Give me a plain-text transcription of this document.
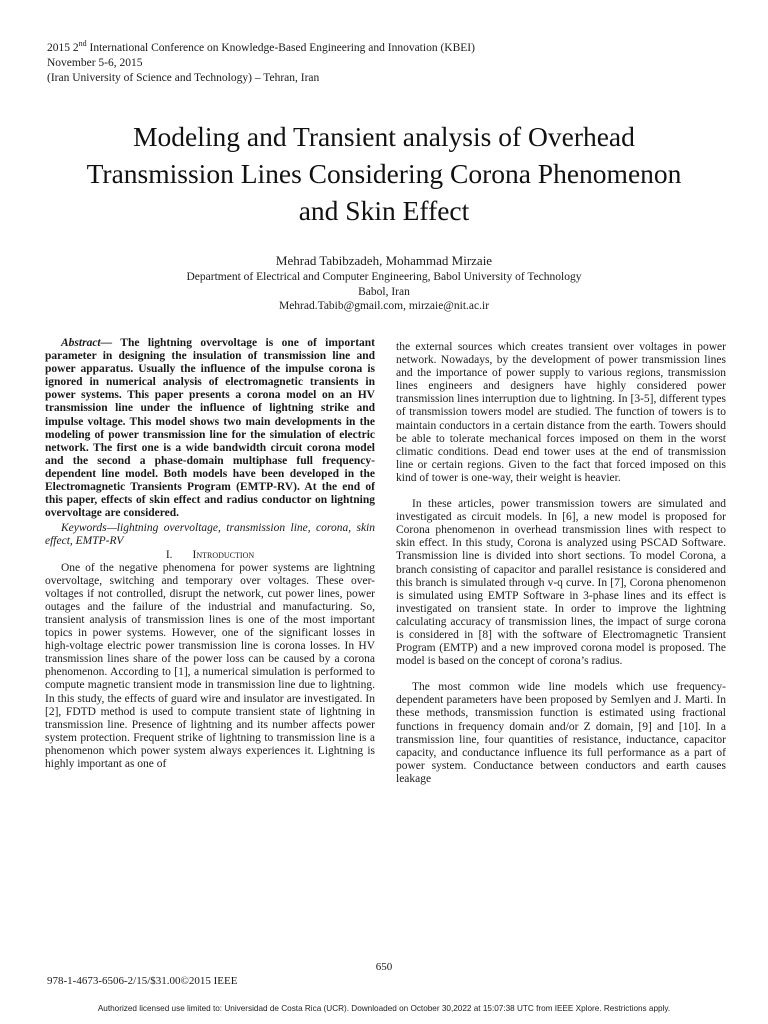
2015 2nd International Conference on Knowledge-Based Engineering and Innovation (KBEI)
November 5-6, 2015
(Iran University of Science and Technology) – Tehran, Iran
Modeling and Transient analysis of Overhead
Transmission Lines Considering Corona Phenomenon
and Skin Effect
Mehrad Tabibzadeh, Mohammad Mirzaie
Department of Electrical and Computer Engineering, Babol University of Technology
Babol, Iran
Mehrad.Tabib@gmail.com, mirzaie@nit.ac.ir

Abstract— The lightning overvoltage is one of important parameter in designing the insulation of transmission line and power apparatus. Usually the influence of the impulse corona is ignored in numerical analysis of electromagnetic transients in power systems. This paper presents a corona model on an HV transmission line under the influence of lightning strike and impulse voltage. This model shows two main developments in the modeling of power transmission line for the simulation of electric network. The first one is a wide bandwidth circuit corona model and the second a phase-domain multiphase full frequency-dependent line model. Both models have been developed in the Electromagnetic Transients Program (EMTP-RV). At the end of this paper, effects of skin effect and radius conductor on lightning overvoltage are considered.

Keywords—lightning overvoltage, transmission line, corona, skin effect, EMTP-RV

I. Introduction

One of the negative phenomena for power systems are lightning overvoltage, switching and temporary over voltages. These over-voltages if not controlled, disrupt the network, cut power lines, power outages and the failure of the industrial and manufacturing. So, transient analysis of transmission lines is one of the most important topics in power systems. However, one of the significant losses in high-voltage electric power transmission line is corona losses. In HV transmission lines share of the power loss can be caused by a corona phenomenon. According to [1], a numerical simulation is performed to compute magnetic transient mode in transmission line due to lightning. In this study, the effects of guard wire and insulator are investigated. In [2], FDTD method is used to compute transient state of lightning in transmission line. Presence of lightning and its number affects power system protection. Frequent strike of lightning to transmission line is a phenomenon which power system always experiences it. Lightning is highly important as one of

the external sources which creates transient over voltages in power network. Nowadays, by the development of power transmission lines and the importance of power supply to various regions, transmission lines engineers and designers have highly considered power transmission lines interruption due to lightning. In [3-5], different types of transmission towers model are studied. The function of towers is to maintain conductors in a certain distance from the earth. Towers should be able to tolerate mechanical forces imposed on them in the worst climatic conditions. Dead end tower uses at the end of transmission line or certain regions. Given to the fact that forced imposed on this kind of tower is one-way, their weight is heavier.

In these articles, power transmission towers are simulated and investigated as circuit models. In [6], a new model is proposed for Corona phenomenon in overhead transmission lines with respect to skin effect. In this study, Corona is analyzed using PSCAD Software. Transmission line is divided into short sections. To model Corona, a branch consisting of capacitor and parallel resistance is considered and this branch is simulated through v-q curve. In [7], Corona phenomenon is simulated using EMTP Software in 3-phase lines and its effect is investigated on transient state. In order to improve the lightning calculating accuracy of transmission lines, the impact of surge corona is considered in [8] with the software of Electromagnetic Transient Program (EMTP) and a new improved corona model is proposed. The model is based on the concept of corona’s radius.

The most common wide line models which use frequency-dependent parameters have been proposed by Semlyen and J. Marti. In these methods, transmission function is estimated using fractional functions in frequency domain and/or Z domain, [9] and [10]. In a transmission line, four quantities of resistance, inductance, capacitor capacity, and conductance influence its full performance as a part of power system. Conductance between conductors and earth causes leakage

650
978-1-4673-6506-2/15/$31.00©2015 IEEE
Authorized licensed use limited to: Universidad de Costa Rica (UCR). Downloaded on October 30,2022 at 15:07:38 UTC from IEEE Xplore. Restrictions apply.
